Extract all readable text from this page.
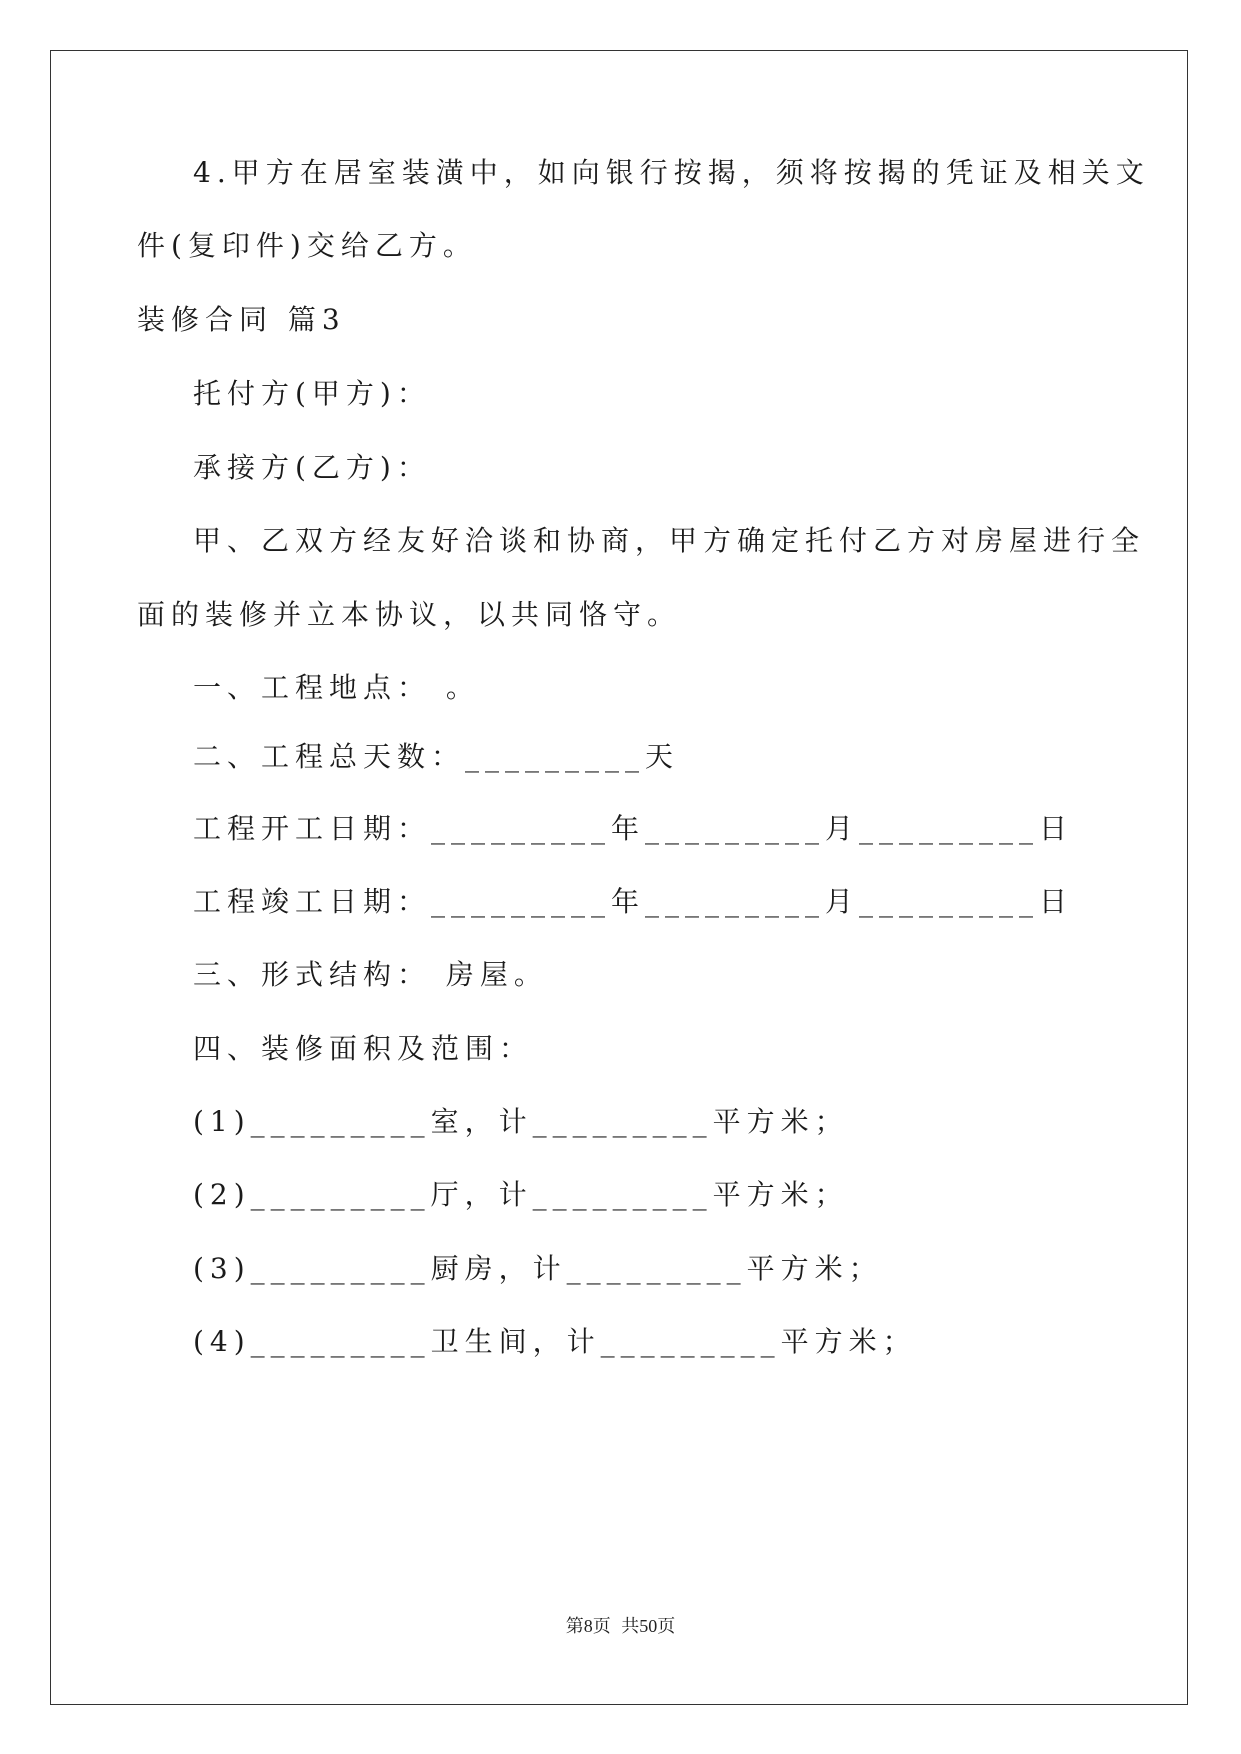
4.甲方在居室装潢中，如向银行按揭，须将按揭的凭证及相关文
件(复印件)交给乙方。
装修合同 篇3
托付方(甲方)：
承接方(乙方)：
甲、乙双方经友好洽谈和协商，甲方确定托付乙方对房屋进行全
面的装修并立本协议，以共同恪守。
一、工程地点： 。
二、工程总天数：_________天
工程开工日期：_________年_________月_________日
工程竣工日期：_________年_________月_________日
三、形式结构： 房屋。
四、装修面积及范围：
(1)_________室，计_________平方米；
(2)_________厅，计_________平方米；
(3)_________厨房，计_________平方米；
(4)_________卫生间，计_________平方米；
第8页 共50页
